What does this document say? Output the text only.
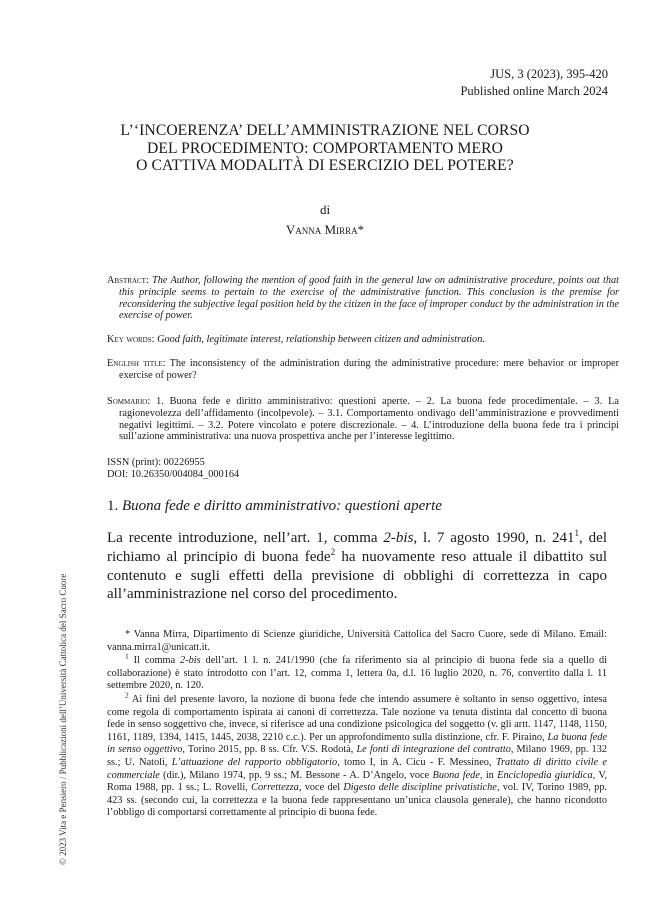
JUS, 3 (2023), 395-420
Published online March 2024
L’‘INCOERENZA’ DELL’AMMINISTRAZIONE NEL CORSO
DEL PROCEDIMENTO: COMPORTAMENTO MERO
O CATTIVA MODALITÀ DI ESERCIZIO DEL POTERE?
di
Vanna Mirra*
Abstract: The Author, following the mention of good faith in the general law on administrative procedure, points out that this principle seems to pertain to the exercise of the administrative function. This conclusion is the premise for reconsidering the subjective legal position held by the citizen in the face of improper conduct by the administration in the exercise of power.
Key words: Good faith, legitimate interest, relationship between citizen and administration.
English title: The inconsistency of the administration during the administrative procedure: mere behavior or improper exercise of power?
Sommario: 1. Buona fede e diritto amministrativo: questioni aperte. – 2. La buona fede procedimentale. – 3. La ragionevolezza dell’affidamento (incolpevole). – 3.1. Comportamento ondivago dell’amministrazione e provvedimenti negativi legittimi. – 3.2. Potere vincolato e potere discrezionale. – 4. L’introduzione della buona fede tra i principi sull’azione amministrativa: una nuova prospettiva anche per l’interesse legittimo.
ISSN (print): 00226955
DOI: 10.26350/004084_000164
1. Buona fede e diritto amministrativo: questioni aperte
La recente introduzione, nell’art. 1, comma 2-bis, l. 7 agosto 1990, n. $241^1$, del richiamo al principio di buona fede$^2$ ha nuovamente reso attuale il dibattito sul contenuto e sugli effetti della previsione di obblighi di correttezza in capo all’amministrazione nel corso del procedimento.

* Vanna Mirra, Dipartimento di Scienze giuridiche, Università Cattolica del Sacro Cuore, sede di Milano. Email: vanna.mirra1@unicatt.it.

$^1$ Il comma 2-bis dell’art. 1 l. n. 241/1990 (che fa riferimento sia al principio di buona fede sia a quello di collaborazione) è stato introdotto con l’art. 12, comma 1, lettera 0a, d.l. 16 luglio 2020, n. 76, convertito dalla l. 11 settembre 2020, n. 120.

$^2$ Ai fini del presente lavoro, la nozione di buona fede che intendo assumere è soltanto in senso oggettivo, intesa come regola di comportamento ispirata ai canoni di correttezza. Tale nozione va tenuta distinta dal concetto di buona fede in senso soggettivo che, invece, si riferisce ad una condizione psicologica del soggetto (v. gli artt. 1147, 1148, 1150, 1161, 1189, 1394, 1415, 1445, 2038, 2210 c.c.). Per un approfondimento sulla distinzione, cfr. F. Piraino, La buona fede in senso oggettivo, Torino 2015, pp. 8 ss. Cfr. V.S. Rodotà, Le fonti di integrazione del contratto, Milano 1969, pp. 132 ss.; U. Natoli, L’attuazione del rapporto obbligatorio, tomo I, in A. Cicu - F. Messineo, Trattato di diritto civile e commerciale (dir.), Milano 1974, pp. 9 ss.; M. Bessone - A. D’Angelo, voce Buona fede, in Enciclopedia giuridica, V, Roma 1988, pp. 1 ss.; L. Rovelli, Correttezza, voce del Digesto delle discipline privatistiche, vol. IV, Torino 1989, pp. 423 ss. (secondo cui, la correttezza e la buona fede rappresentano un’unica clausola generale), che hanno ricondotto l’obbligo di comportarsi correttamente al principio di buona fede.

© 2023 Vita e Pensiero / Pubblicazioni dell’Università Cattolica del Sacro Cuore
